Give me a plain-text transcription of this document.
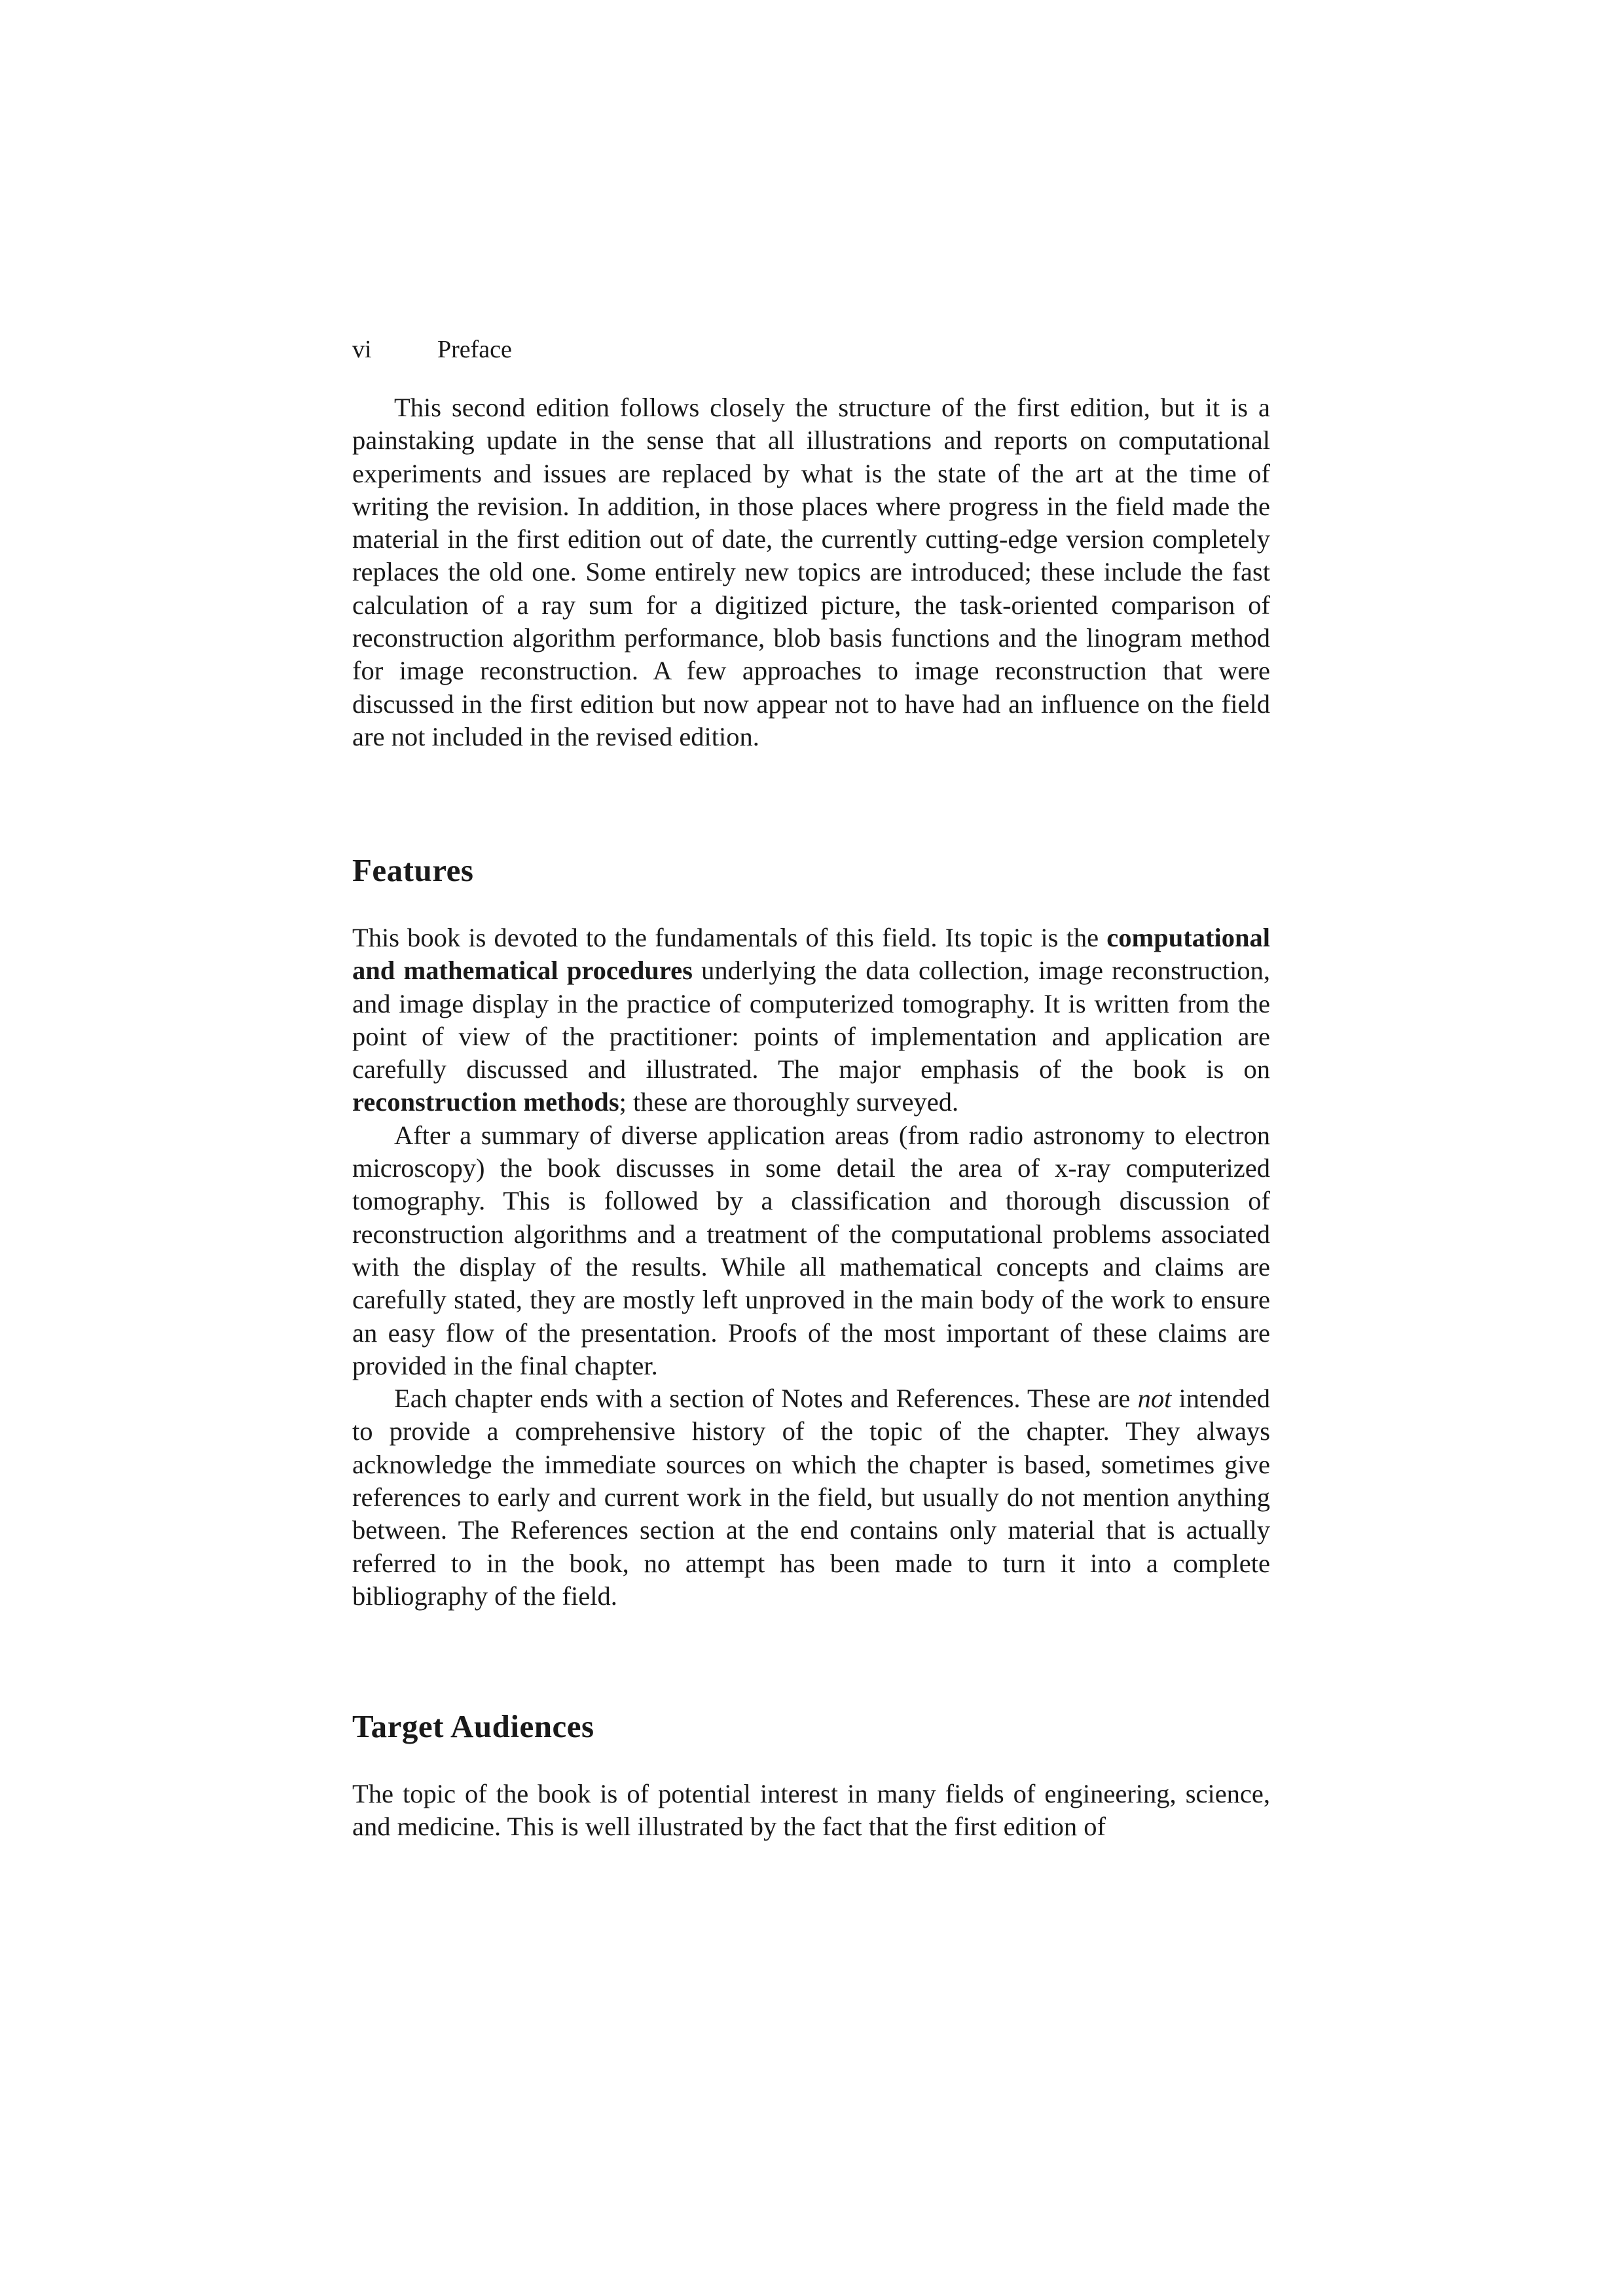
vi	Preface

This second edition follows closely the structure of the first edition, but it is a painstaking update in the sense that all illustrations and reports on computational experiments and issues are replaced by what is the state of the art at the time of writing the revision. In addition, in those places where progress in the field made the material in the first edition out of date, the currently cutting-edge version completely replaces the old one. Some entirely new topics are introduced; these include the fast calculation of a ray sum for a digitized picture, the task-oriented comparison of reconstruction algorithm performance, blob basis functions and the linogram method for image reconstruction. A few approaches to image reconstruction that were discussed in the first edition but now appear not to have had an influence on the field are not included in the revised edition.

Features

This book is devoted to the fundamentals of this field. Its topic is the computational and mathematical procedures underlying the data collection, image reconstruction, and image display in the practice of computerized tomography. It is written from the point of view of the practitioner: points of implementation and application are carefully discussed and illustrated. The major emphasis of the book is on reconstruction methods; these are thoroughly surveyed.

After a summary of diverse application areas (from radio astronomy to electron microscopy) the book discusses in some detail the area of x-ray computerized tomography. This is followed by a classification and thorough discussion of reconstruction algorithms and a treatment of the computational problems associated with the display of the results. While all mathematical concepts and claims are carefully stated, they are mostly left unproved in the main body of the work to ensure an easy flow of the presentation. Proofs of the most important of these claims are provided in the final chapter.

Each chapter ends with a section of Notes and References. These are not intended to provide a comprehensive history of the topic of the chapter. They always acknowledge the immediate sources on which the chapter is based, sometimes give references to early and current work in the field, but usually do not mention anything between. The References section at the end contains only material that is actually referred to in the book, no attempt has been made to turn it into a complete bibliography of the field.

Target Audiences

The topic of the book is of potential interest in many fields of engineering, science, and medicine. This is well illustrated by the fact that the first edition of
